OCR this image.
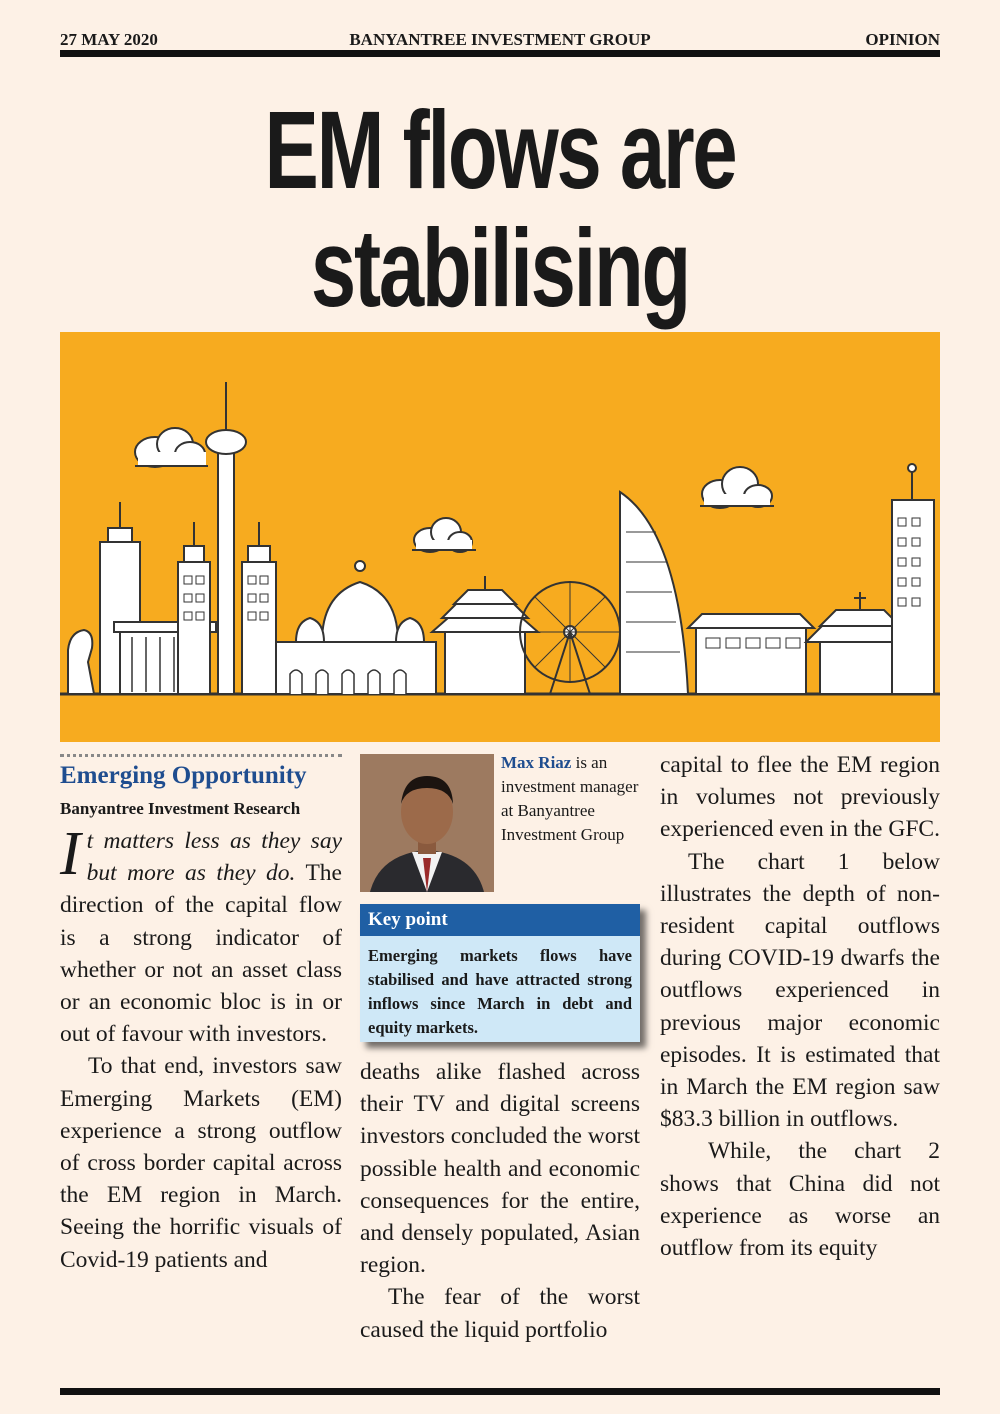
27 MAY 2020	BANYANTREE INVESTMENT GROUP	OPINION
EM flows are stabilising

Emerging Opportunity
Banyantree Investment Research

I t matters less as they say but more as they do. The direction of the capital flow is a strong indicator of whether or not an asset class or an economic bloc is in or out of favour with investors.

To that end, investors saw Emerging Markets (EM) experience a strong outflow of cross border capital across the EM region in March. Seeing the horrific visuals of Covid-19 patients and

Max Riaz is an investment manager at Banyantree Investment Group
Key point
Emerging markets flows have stabilised and have attracted strong inflows since March in debt and equity markets.

deaths alike flashed across their TV and digital screens investors concluded the worst possible health and economic consequences for the entire, and densely populated, Asian region.

The fear of the worst caused the liquid portfolio

capital to flee the EM region in volumes not previously experienced even in the GFC.

The chart 1 below illustrates the depth of non-resident capital outflows during COVID-19 dwarfs the outflows experienced in previous major economic episodes. It is estimated that in March the EM region saw $83.3 billion in outflows.

While, the chart 2 shows that China did not experience as worse an outflow from its equity
